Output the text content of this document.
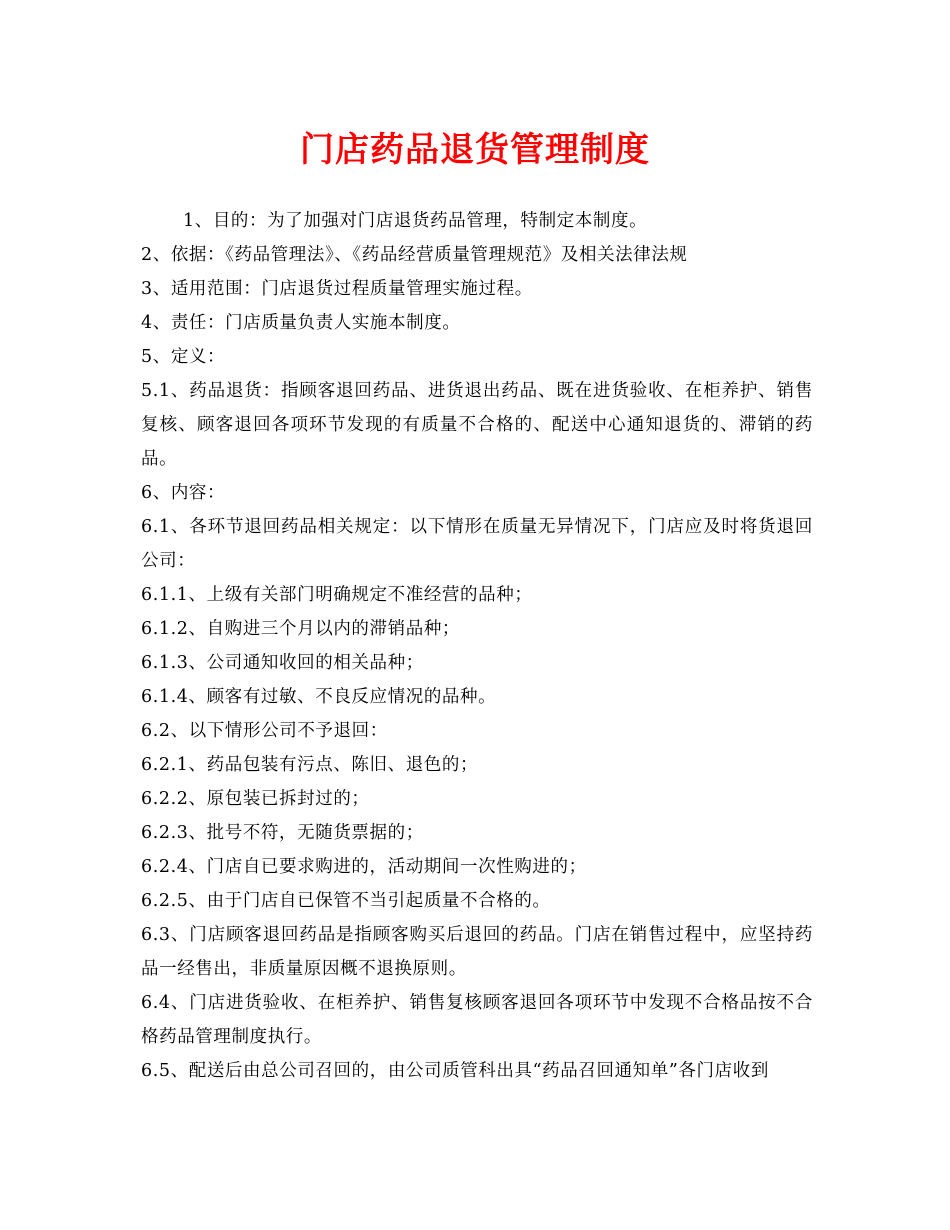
门店药品退货管理制度

1、目的：为了加强对门店退货药品管理，特制定本制度。

2、依据：《药品管理法》、《药品经营质量管理规范》及相关法律法规

3、适用范围：门店退货过程质量管理实施过程。

4、责任：门店质量负责人实施本制度。

5、定义：

5.1、药品退货：指顾客退回药品、进货退出药品、既在进货验收、在柜养护、销售复核、顾客退回各项环节发现的有质量不合格的、配送中心通知退货的、滞销的药品。

6、内容：

6.1、各环节退回药品相关规定：以下情形在质量无异情况下，门店应及时将货退回公司：

6.1.1、上级有关部门明确规定不准经营的品种；

6.1.2、自购进三个月以内的滞销品种；

6.1.3、公司通知收回的相关品种；

6.1.4、顾客有过敏、不良反应情况的品种。

6.2、以下情形公司不予退回：

6.2.1、药品包装有污点、陈旧、退色的；

6.2.2、原包装已拆封过的；

6.2.3、批号不符，无随货票据的；

6.2.4、门店自已要求购进的，活动期间一次性购进的；

6.2.5、由于门店自已保管不当引起质量不合格的。

6.3、门店顾客退回药品是指顾客购买后退回的药品。门店在销售过程中，应坚持药品一经售出，非质量原因概不退换原则。

6.4、门店进货验收、在柜养护、销售复核顾客退回各项环节中发现不合格品按不合格药品管理制度执行。

6.5、配送后由总公司召回的，由公司质管科出具“药品召回通知单”各门店收到
